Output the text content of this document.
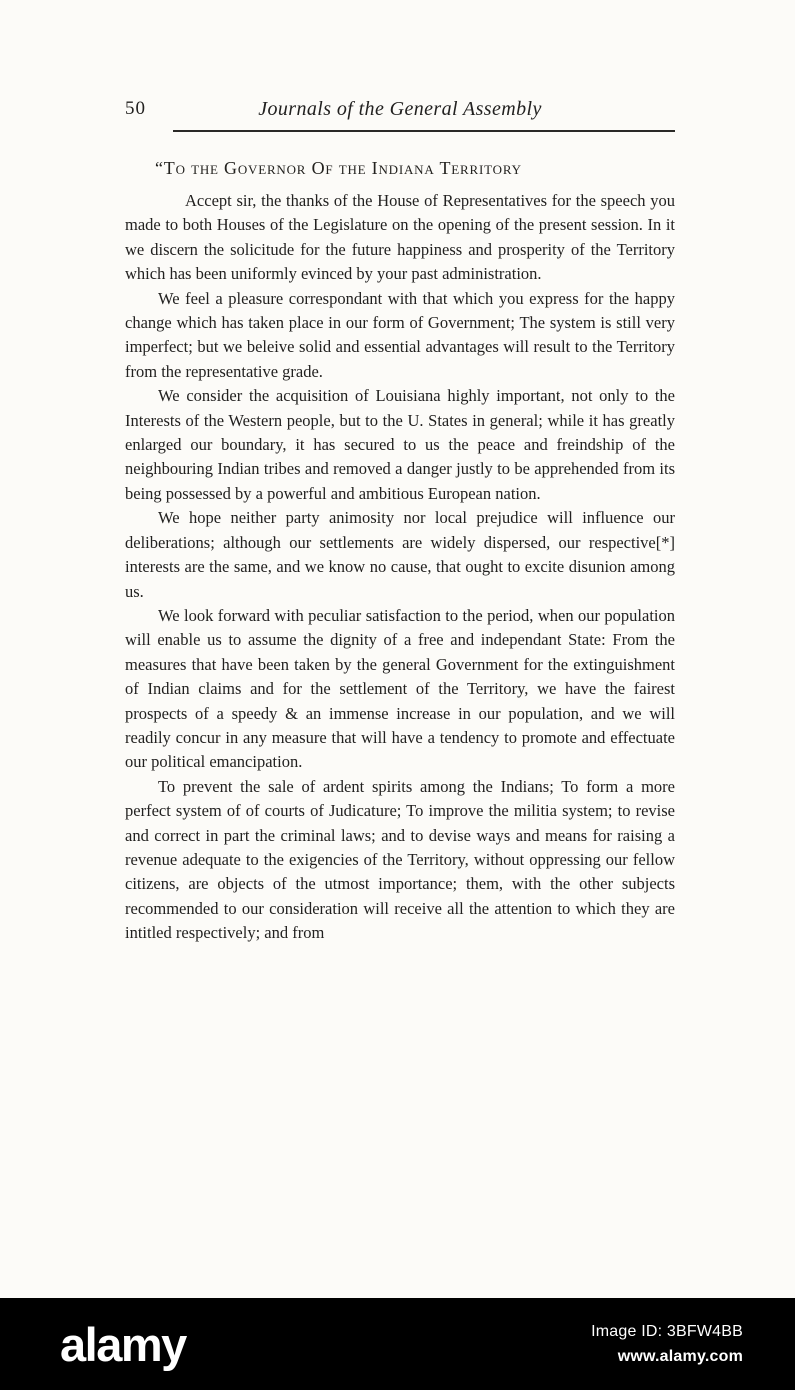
50	Journals of the General Assembly
“To the Governor Of the Indiana Territory

Accept sir, the thanks of the House of Representatives for the speech you made to both Houses of the Legislature on the opening of the present session. In it we discern the solicitude for the future happiness and prosperity of the Territory which has been uniformly evinced by your past administration.

We feel a pleasure correspondant with that which you express for the happy change which has taken place in our form of Government; The system is still very imperfect; but we beleive solid and essential advantages will result to the Territory from the representative grade.

We consider the acquisition of Louisiana highly important, not only to the Interests of the Western people, but to the U. States in general; while it has greatly enlarged our boundary, it has secured to us the peace and freindship of the neighbouring Indian tribes and removed a danger justly to be apprehended from its being possessed by a powerful and ambitious European nation.

We hope neither party animosity nor local prejudice will influence our deliberations; although our settlements are widely dispersed, our respective[*] interests are the same, and we know no cause, that ought to excite disunion among us.

We look forward with peculiar satisfaction to the period, when our population will enable us to assume the dignity of a free and independant State: From the measures that have been taken by the general Government for the extinguishment of Indian claims and for the settlement of the Territory, we have the fairest prospects of a speedy & an immense increase in our population, and we will readily concur in any measure that will have a tendency to promote and effectuate our political emancipation.

To prevent the sale of ardent spirits among the Indians; To form a more perfect system of of courts of Judicature; To improve the militia system; to revise and correct in part the criminal laws; and to devise ways and means for raising a revenue adequate to the exigencies of the Territory, without oppressing our fellow citizens, are objects of the utmost importance; them, with the other subjects recommended to our consideration will receive all the attention to which they are intitled respectively; and from

alamy	Image ID: 3BFW4BB
www.alamy.com
